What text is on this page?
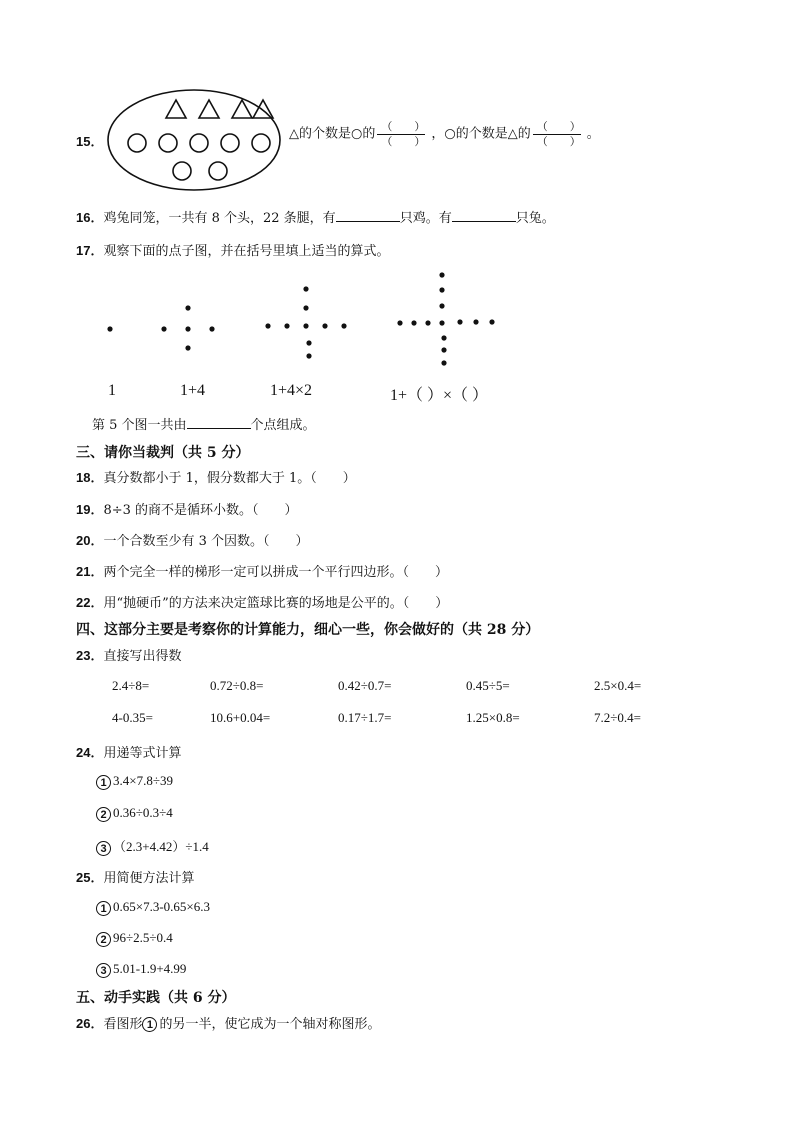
15．	△的个数是○的 $\frac{( )}{( )}$ ，○的个数是△的 $\frac{( )}{( )}$ 。
16．鸡兔同笼，一共有 8 个头，22 条腿，有	只鸡。有	只兔。
17．观察下面的点子图，并在括号里填上适当的算式。
1	1+4	1+4×2	1+（ ）×（ ）
第 5 个图一共由	个点组成。
三、请你当裁判（共 5 分）
18．真分数都小于 1，假分数都大于 1。（　　）
19．8÷3 的商不是循环小数。（　　）
20．一个合数至少有 3 个因数。（　　）
21．两个完全一样的梯形一定可以拼成一个平行四边形。（　　）
22．用“抛硬币”的方法来决定篮球比赛的场地是公平的。（　　）
四、这部分主要是考察你的计算能力，细心一些，你会做好的（共 28 分）
23．直接写出得数
2.4÷8=	0.72÷0.8=	0.42÷0.7=	0.45÷5=	2.5×0.4=
4-0.35=	10.6+0.04=	0.17÷1.7=	1.25×0.8=	7.2÷0.4=
24．用递等式计算
1 3.4×7.8÷39
2 0.36÷0.3÷4
3 （2.3+4.42）÷1.4
25．用简便方法计算
1 0.65×7.3-0.65×6.3
2 96÷2.5÷0.4
3 5.01-1.9+4.99
五、动手实践（共 6 分）
26．看图形 1 的另一半，使它成为一个轴对称图形。
